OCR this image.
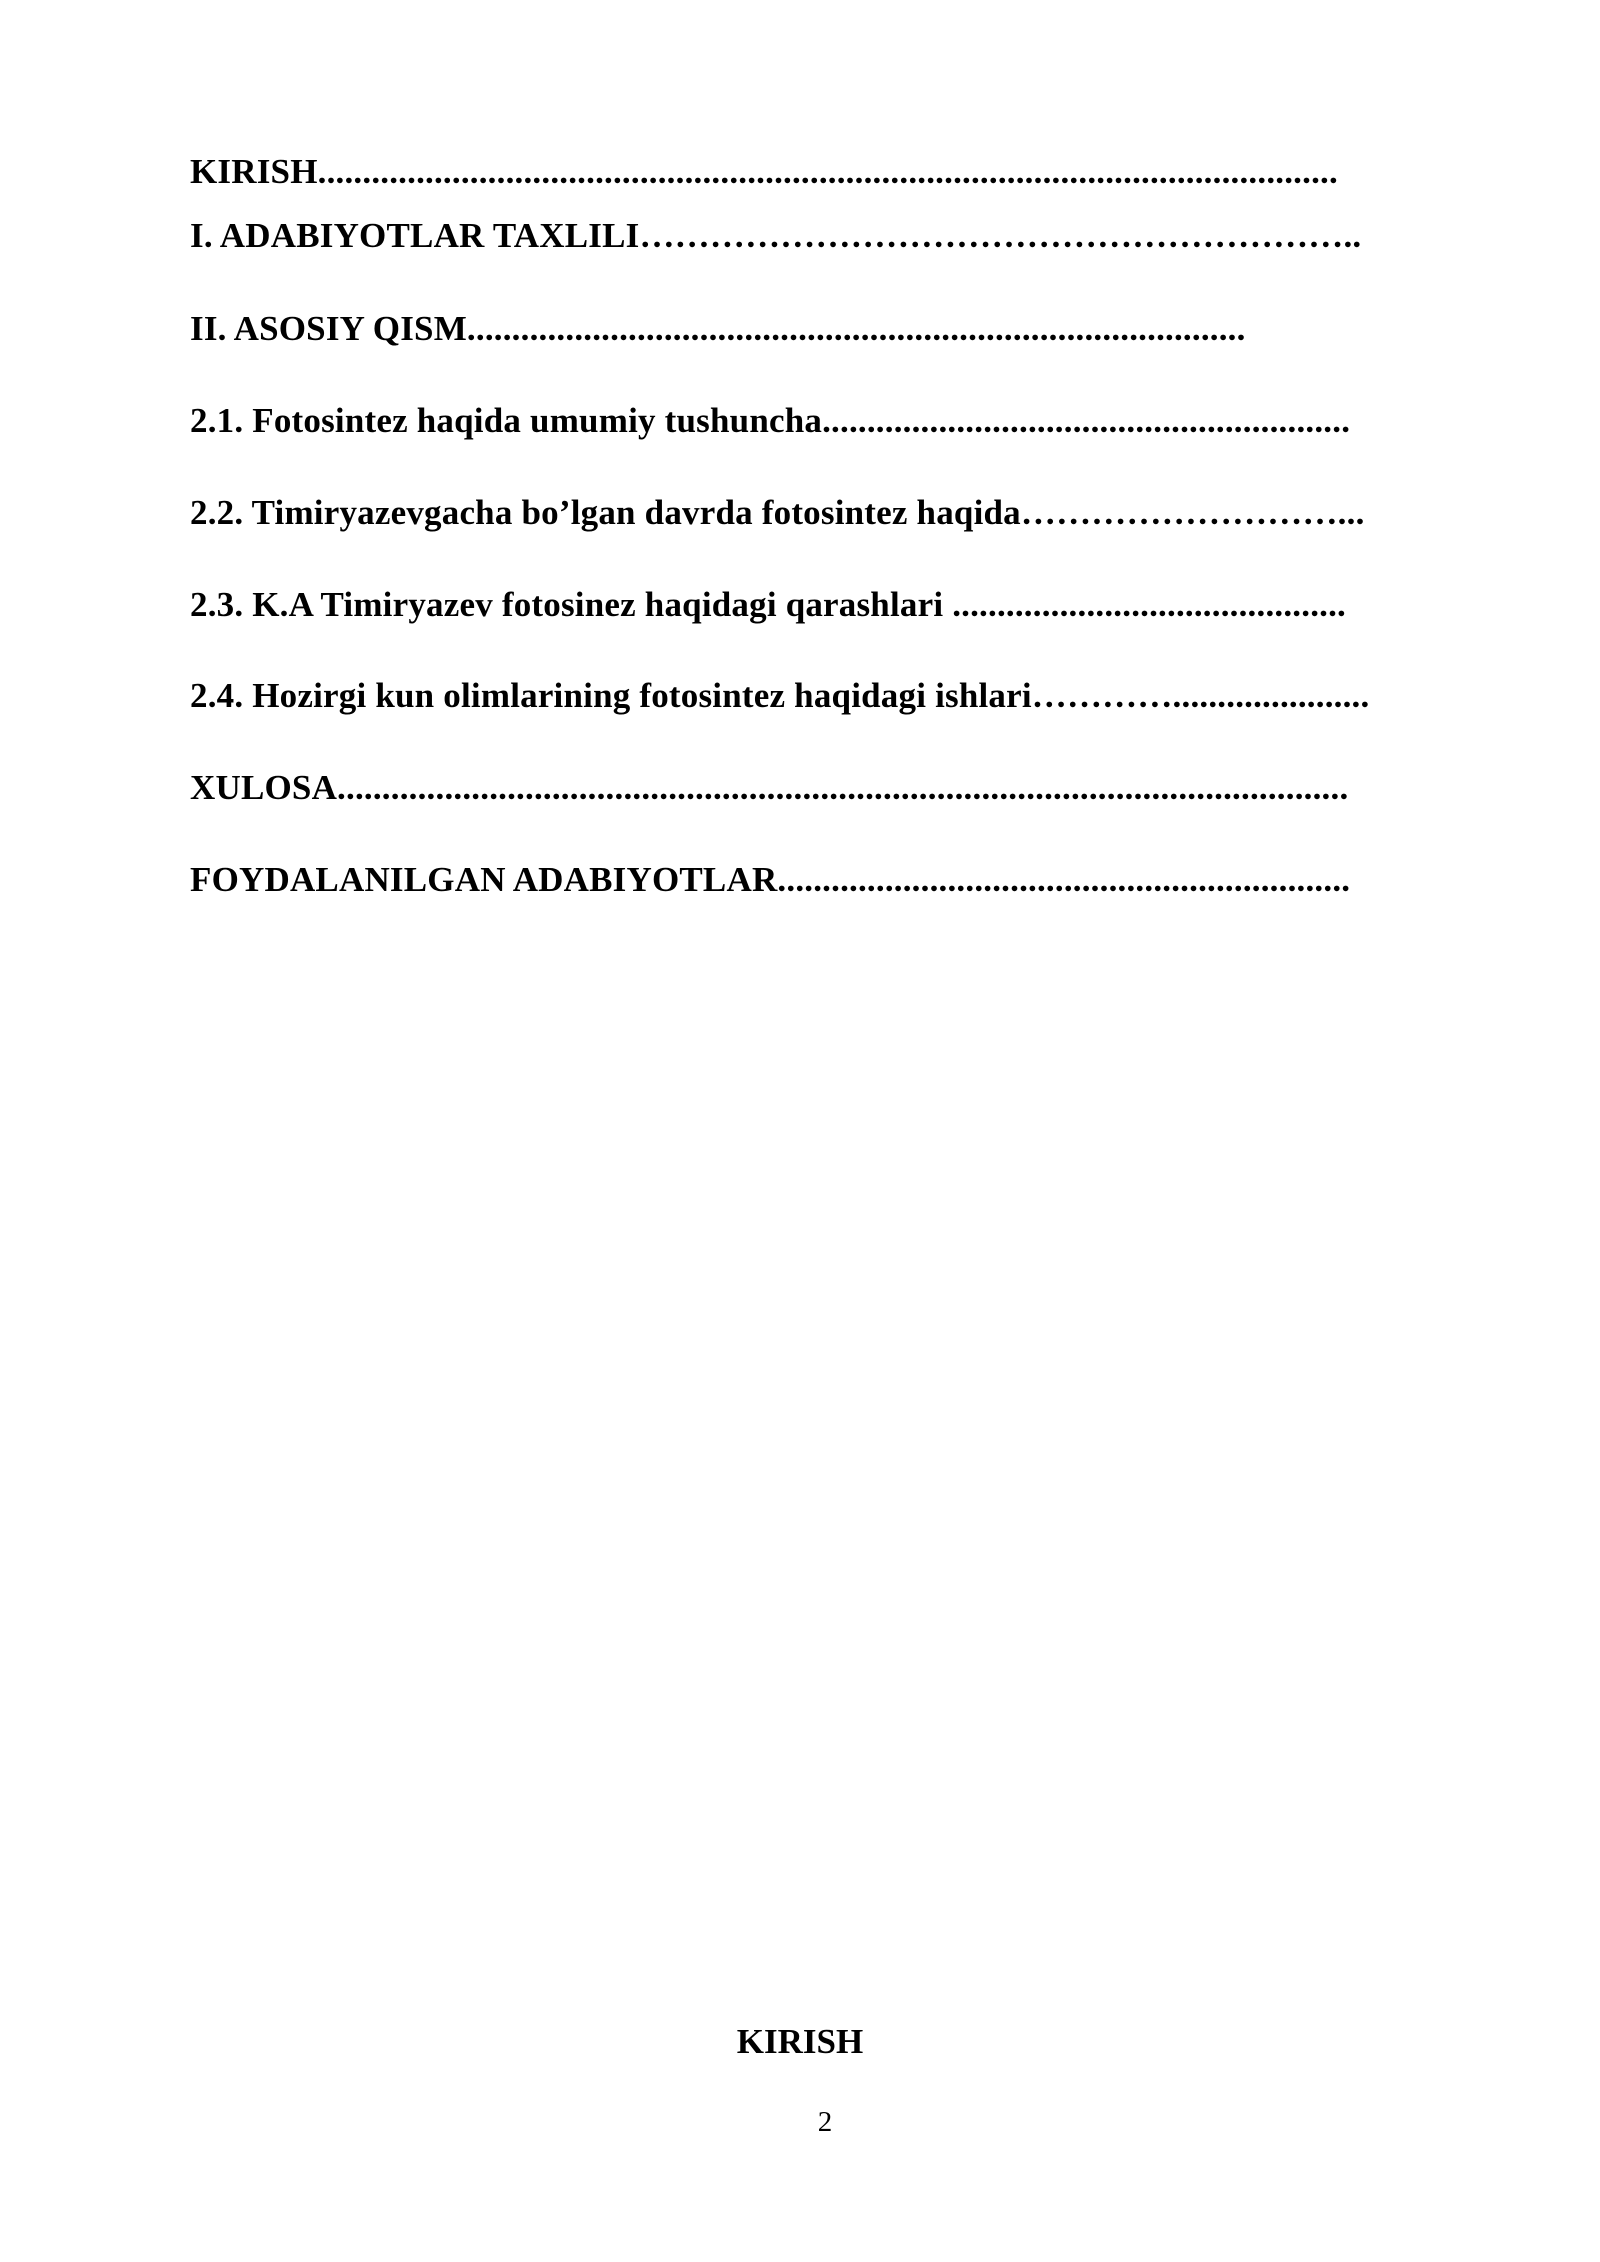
KIRISH..................................................................................................................
I. ADABIYOTLAR TAXLILI……………………………………………………..
II. ASOSIY QISM.......................................................................................
2.1. Fotosintez haqida umumiy tushuncha...........................................................
2.2. Timiryazevgacha bo’lgan davrda fotosintez haqida………………………...
2.3. K.A Timiryazev fotosinez haqidagi qarashlari ............................................
2.4. Hozirgi kun olimlarining fotosintez haqidagi ishlari…………......................
XULOSA.................................................................................................................
FOYDALANILGAN ADABIYOTLAR................................................................
KIRISH
2
